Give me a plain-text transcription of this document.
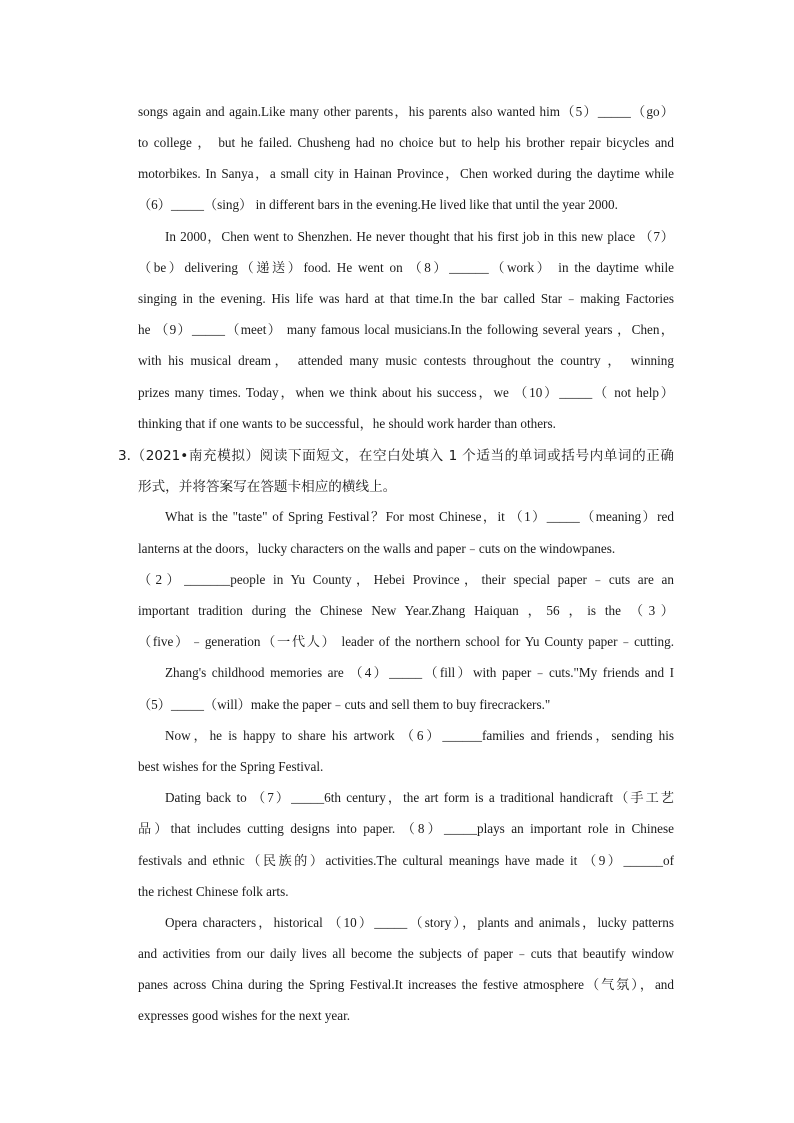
songs again and again.Like many other parents，his parents also wanted him（5）_____（go）
to college ， but he failed. Chusheng had no choice but to help his brother repair bicycles and
motorbikes. In Sanya，a small city in Hainan Province，Chen worked during the daytime while
（6）_____（sing） in different bars in the evening.He lived like that until the year 2000.
In 2000，Chen went to Shenzhen. He never thought that his first job in this new place （7）
（be）delivering（递送）food. He went on （8）______（work） in the daytime while
singing in the evening. His life was hard at that time.In the bar called Star﹣making Factories
he （9）_____（meet） many famous local musicians.In the following several years ，Chen，
with his musical dream， attended many music contests throughout the country ， winning
prizes many times. Today，when we think about his success，we （10）_____（ not help）
thinking that if one wants to be successful，he should work harder than others.
3.（2021•南充模拟）阅读下面短文，在空白处填入 1 个适当的单词或括号内单词的正确
形式，并将答案写在答题卡相应的横线上。
What is the "taste" of Spring Festival？For most Chinese，it （1）_____（meaning）red
lanterns at the doors，lucky characters on the walls and paper﹣cuts on the windowpanes.
（2）_______people in Yu County，Hebei Province，their special paper﹣cuts are an
important tradition during the Chinese New Year.Zhang Haiquan ，56 ，is the （3）
（five）﹣generation（一代人） leader of the northern school for Yu County paper﹣cutting.
Zhang's childhood memories are （4）_____（fill）with paper﹣cuts."My friends and I
（5）_____（will）make the paper﹣cuts and sell them to buy firecrackers."
Now，he is happy to share his artwork （6）______families and friends，sending his
best wishes for the Spring Festival.
Dating back to （7）_____6th century，the art form is a traditional handicraft（手工艺
品）that includes cutting designs into paper. （8）_____plays an important role in Chinese
festivals and ethnic（民族的）activities.The cultural meanings have made it （9）______of
the richest Chinese folk arts.
Opera characters，historical （10）_____（story），plants and animals，lucky patterns
and activities from our daily lives all become the subjects of paper﹣cuts that beautify window
panes across China during the Spring Festival.It increases the festive atmosphere（气氛），and
expresses good wishes for the next year.
